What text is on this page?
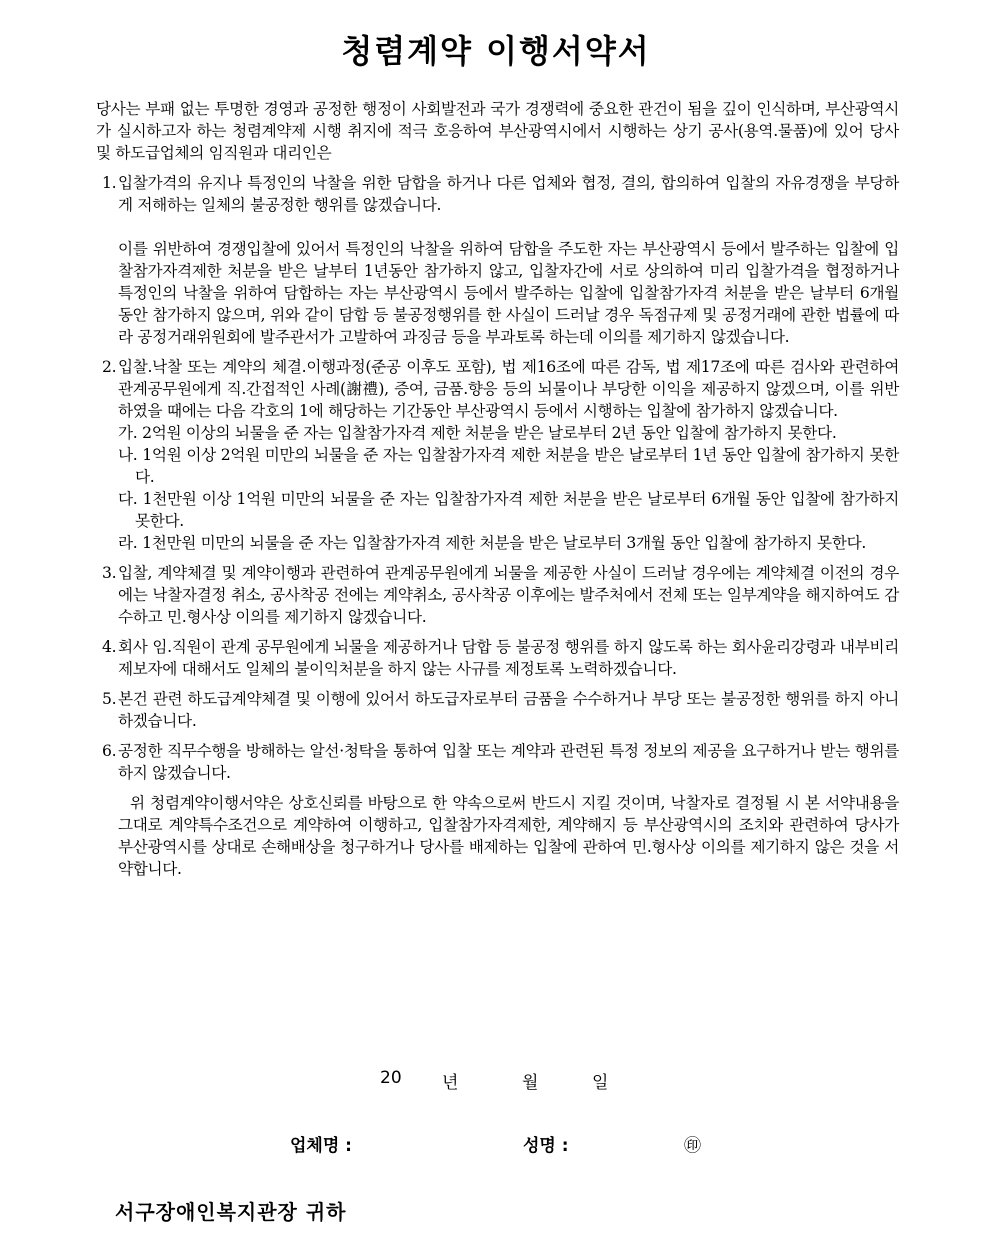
청렴계약 이행서약서

당사는 부패 없는 투명한 경영과 공정한 행정이 사회발전과 국가 경쟁력에 중요한 관건이 됨을 깊이 인식하며, 부산광역시가 실시하고자 하는 청렴계약제 시행 취지에 적극 호응하여 부산광역시에서 시행하는 상기 공사(용역.물품)에 있어 당사 및 하도급업체의 임직원과 대리인은

1. 입찰가격의 유지나 특정인의 낙찰을 위한 담합을 하거나 다른 업체와 협정, 결의, 합의하여 입찰의 자유경쟁을 부당하게 저해하는 일체의 불공정한 행위를 않겠습니다.

이를 위반하여 경쟁입찰에 있어서 특정인의 낙찰을 위하여 담합을 주도한 자는 부산광역시 등에서 발주하는 입찰에 입찰참가자격제한 처분을 받은 날부터 1년동안 참가하지 않고, 입찰자간에 서로 상의하여 미리 입찰가격을 협정하거나 특정인의 낙찰을 위하여 담합하는 자는 부산광역시 등에서 발주하는 입찰에 입찰참가자격 처분을 받은 날부터 6개월 동안 참가하지 않으며, 위와 같이 담합 등 불공정행위를 한 사실이 드러날 경우 독점규제 및 공정거래에 관한 법률에 따라 공정거래위원회에 발주관서가 고발하여 과징금 등을 부과토록 하는데 이의를 제기하지 않겠습니다.

2. 입찰.낙찰 또는 계약의 체결.이행과정(준공 이후도 포함), 법 제16조에 따른 감독, 법 제17조에 따른 검사와 관련하여 관계공무원에게 직.간접적인 사례(謝禮), 증여, 금품.향응 등의 뇌물이나 부당한 이익을 제공하지 않겠으며, 이를 위반하였을 때에는 다음 각호의 1에 해당하는 기간동안 부산광역시 등에서 시행하는 입찰에 참가하지 않겠습니다.

가. 2억원 이상의 뇌물을 준 자는 입찰참가자격 제한 처분을 받은 날로부터 2년 동안 입찰에 참가하지 못한다.

나. 1억원 이상 2억원 미만의 뇌물을 준 자는 입찰참가자격 제한 처분을 받은 날로부터 1년 동안 입찰에 참가하지 못한다.

다. 1천만원 이상 1억원 미만의 뇌물을 준 자는 입찰참가자격 제한 처분을 받은 날로부터 6개월 동안 입찰에 참가하지 못한다.

라. 1천만원 미만의 뇌물을 준 자는 입찰참가자격 제한 처분을 받은 날로부터 3개월 동안 입찰에 참가하지 못한다.

3. 입찰, 계약체결 및 계약이행과 관련하여 관계공무원에게 뇌물을 제공한 사실이 드러날 경우에는 계약체결 이전의 경우에는 낙찰자결정 취소, 공사착공 전에는 계약취소, 공사착공 이후에는 발주처에서 전체 또는 일부계약을 해지하여도 감수하고 민.형사상 이의를 제기하지 않겠습니다.

4. 회사 임.직원이 관계 공무원에게 뇌물을 제공하거나 담합 등 불공정 행위를 하지 않도록 하는 회사윤리강령과 내부비리 제보자에 대해서도 일체의 불이익처분을 하지 않는 사규를 제정토록 노력하겠습니다.

5. 본건 관련 하도급계약체결 및 이행에 있어서 하도급자로부터 금품을 수수하거나 부당 또는 불공정한 행위를 하지 아니하겠습니다.

6. 공정한 직무수행을 방해하는 알선·청탁을 통하여 입찰 또는 계약과 관련된 특정 정보의 제공을 요구하거나 받는 행위를 하지 않겠습니다.

위 청렴계약이행서약은 상호신뢰를 바탕으로 한 약속으로써 반드시 지킬 것이며, 낙찰자로 결정될 시 본 서약내용을 그대로 계약특수조건으로 계약하여 이행하고, 입찰참가자격제한, 계약해지 등 부산광역시의 조치와 관련하여 당사가 부산광역시를 상대로 손해배상을 청구하거나 당사를 배제하는 입찰에 관하여 민.형사상 이의를 제기하지 않은 것을 서약합니다.

20 년	월	일
업체명 :	성명 :	㊞
서구장애인복지관장 귀하
